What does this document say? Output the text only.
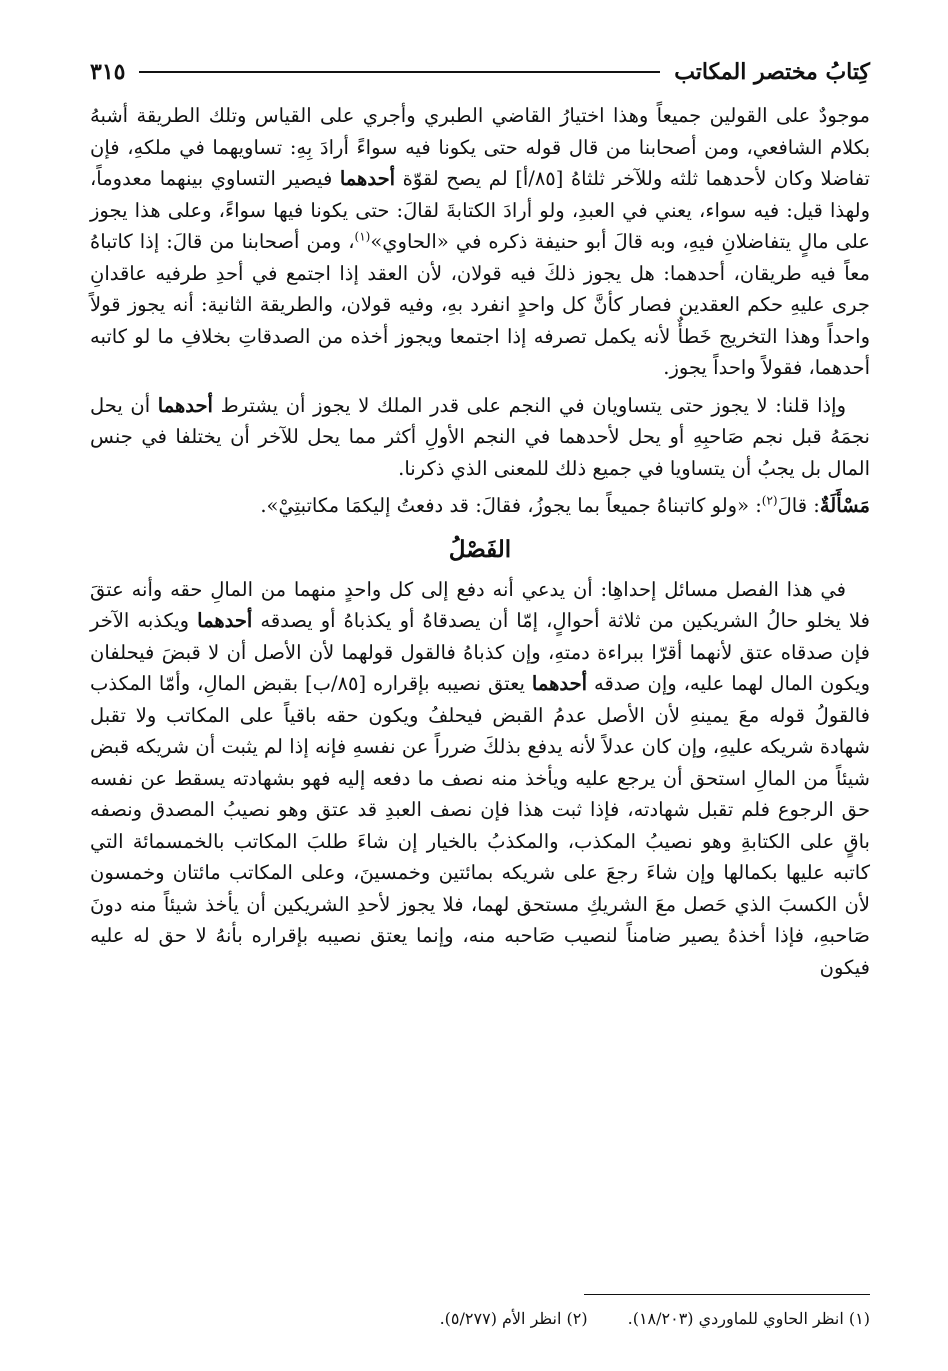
كِتابُ مختصر المكاتب
٣١٥

موجودٌ على القولين جميعاً وهذا اختيارُ القاضي الطبري وأجري على القياس وتلك الطريقة أشبهُ بكلام الشافعي، ومن أصحابنا من قال قوله حتى يكونا فيه سواءً أرادَ بِهِ: تساويهما في ملكهِ، فإن تفاضلا وكان لأحدهما ثلثه وللآخر ثلثاهُ [٨٥/أ] لم يصح لقوّة أحدهما فيصير التساوي بينهما معدوماً، ولهذا قيل: فيه سواء، يعني في العبدِ، ولو أرادَ الكتابةَ لقالَ: حتى يكونا فيها سواءً، وعلى هذا يجوز على مالٍ يتفاضلانِ فيهِ، وبه قالَ أبو حنيفة ذكره في «الحاوي»$^{(١)}$، ومن أصحابنا من قالَ: إذا كاتباهُ معاً فيه طريقان، أحدهما: هل يجوز ذلكَ فيه قولان، لأن العقد إذا اجتمع في أحدِ طرفيه عاقدانِ جرى عليهِ حكم العقدين فصار كأنَّ كل واحدٍ انفرد بهِ، وفيه قولان، والطريقة الثانية: أنه يجوز قولاً واحداً وهذا التخريج خَطأٌ لأنه يكمل تصرفه إذا اجتمعا ويجوز أخذه من الصدقاتِ بخلافِ ما لو كاتبه أحدهما، فقولاً واحداً يجوز.

وإذا قلنا: لا يجوز حتى يتساويان في النجم على قدر الملك لا يجوز أن يشترط أحدهما أن يحل نجمَهُ قبل نجم صَاحبِهِ أو يحل لأحدهما في النجم الأولِ أكثر مما يحل للآخر أن يختلفا في جنس المال بل يجبُ أن يتساويا في جميع ذلك للمعنى الذي ذكرنا.

مَسْأَلَةٌ: قالَ$^{(٢)}$: «ولو كاتبناهُ جميعاً بما يجوزُ، فقالَ: قد دفعتُ إليكمَا مكاتبتِيْ».

الفَصْلُ

في هذا الفصل مسائل إحداهِا: أن يدعي أنه دفع إلى كل واحدٍ منهما من المالِ حقه وأنه عتقَ فلا يخلو حالُ الشريكين من ثلاثة أحوالٍ، إمّا أن يصدقاهُ أو يكذباهُ أو يصدقه أحدهما ويكذبه الآخر فإن صدقاه عتق لأنهما أقرّا ببراءة دمتهِ، وإن كذباهُ فالقول قولهما لأن الأصل أن لا قبضَ فيحلفان ويكون المال لهما عليه، وإن صدقه أحدهما يعتق نصيبه بإقراره [٨٥/ب] بقبض المالِ، وأمّا المكذب فالقولُ قوله معَ يمينهِ لأن الأصل عدمُ القبض فيحلفُ ويكون حقه باقياً على المكاتب ولا تقبل شهادة شريكه عليهِ، وإن كان عدلاً لأنه يدفع بذلكَ ضرراً عن نفسهِ فإنه إذا لم يثبت أن شريكه قبض شيئاً من المالِ استحق أن يرجع عليه ويأخذ منه نصف ما دفعه إليه فهو بشهادته يسقط عن نفسه حق الرجوع فلم تقبل شهادته، فإذا ثبت هذا فإن نصف العبدِ قد عتق وهو نصيبُ المصدق ونصفه باقٍ على الكتابةِ وهو نصيبُ المكذب، والمكذبُ بالخيار إن شاءَ طلبَ المكاتب بالخمسمائة التي كاتبه عليها بكمالها وإن شاءَ رجعَ على شريكه بمائتين وخمسينَ، وعلى المكاتب مائتان وخمسون لأن الكسبَ الذي حَصل معَ الشريكِ مستحق لهما، فلا يجوز لأحدِ الشريكين أن يأخذ شيئاً منه دونَ صَاحبهِ، فإذا أخذهُ يصير ضامناً لنصيب صَاحبه منه، وإنما يعتق نصيبه بإقراره بأنهُ لا حق له عليه فيكون

(١) انظر الحاوي للماوردي (١٨/٢٠٣).
(٢) انظر الأم (٥/٢٧٧).
